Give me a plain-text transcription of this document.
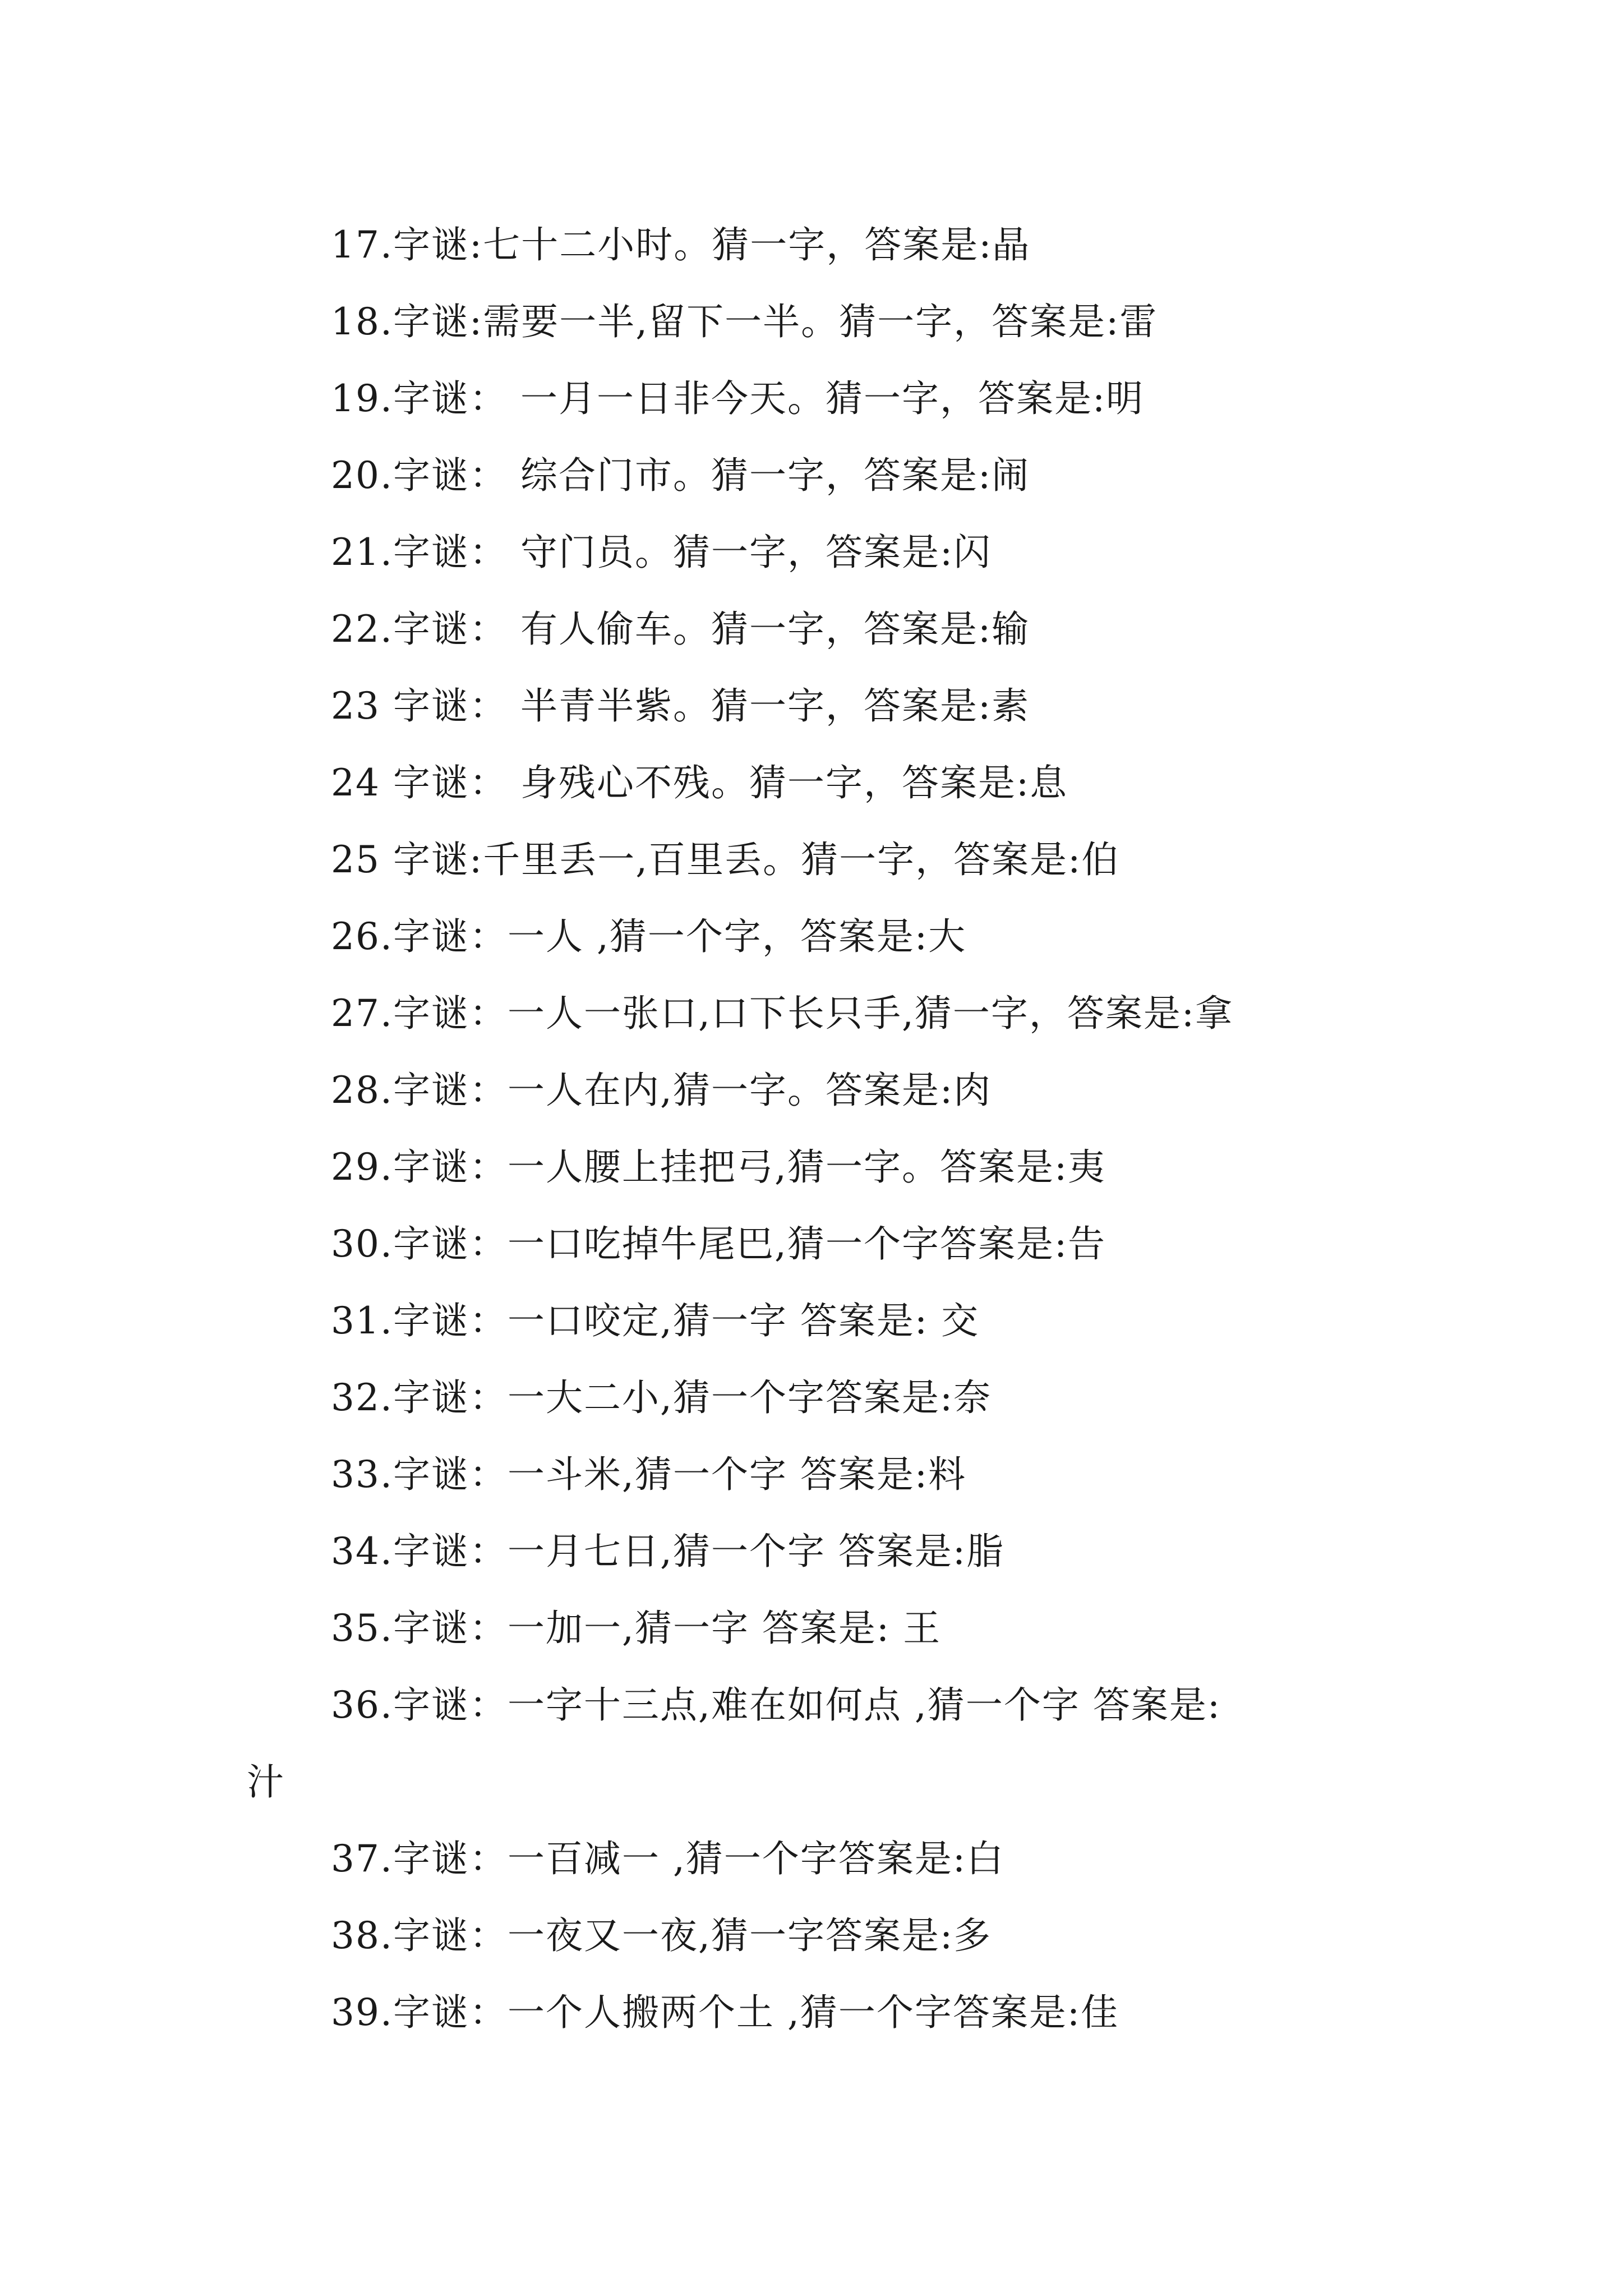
17.字谜:七十二小时。猜一字，答案是:晶
18.字谜:需要一半,留下一半。猜一字，答案是:雷
19.字谜： 一月一日非今天。猜一字，答案是:明
20.字谜： 综合门市。猜一字，答案是:闹
21.字谜： 守门员。猜一字，答案是:闪
22.字谜： 有人偷车。猜一字，答案是:输
23 字谜： 半青半紫。猜一字，答案是:素
24 字谜： 身残心不残。猜一字，答案是:息
25 字谜:千里丢一,百里丢。猜一字，答案是:伯
26.字谜：一人 ,猜一个字，答案是:大
27.字谜：一人一张口,口下长只手,猜一字，答案是:拿
28.字谜：一人在内,猜一字。答案是:肉
29.字谜：一人腰上挂把弓,猜一字。答案是:夷
30.字谜：一口吃掉牛尾巴,猜一个字答案是:告
31.字谜：一口咬定,猜一字 答案是: 交
32.字谜：一大二小,猜一个字答案是:奈
33.字谜：一斗米,猜一个字 答案是:料
34.字谜：一月七日,猜一个字 答案是:脂
35.字谜：一加一,猜一字 答案是: 王
36.字谜：一字十三点,难在如何点 ,猜一个字 答案是:
汁
37.字谜：一百减一 ,猜一个字答案是:白
38.字谜：一夜又一夜,猜一字答案是:多
39.字谜：一个人搬两个土 ,猜一个字答案是:佳
